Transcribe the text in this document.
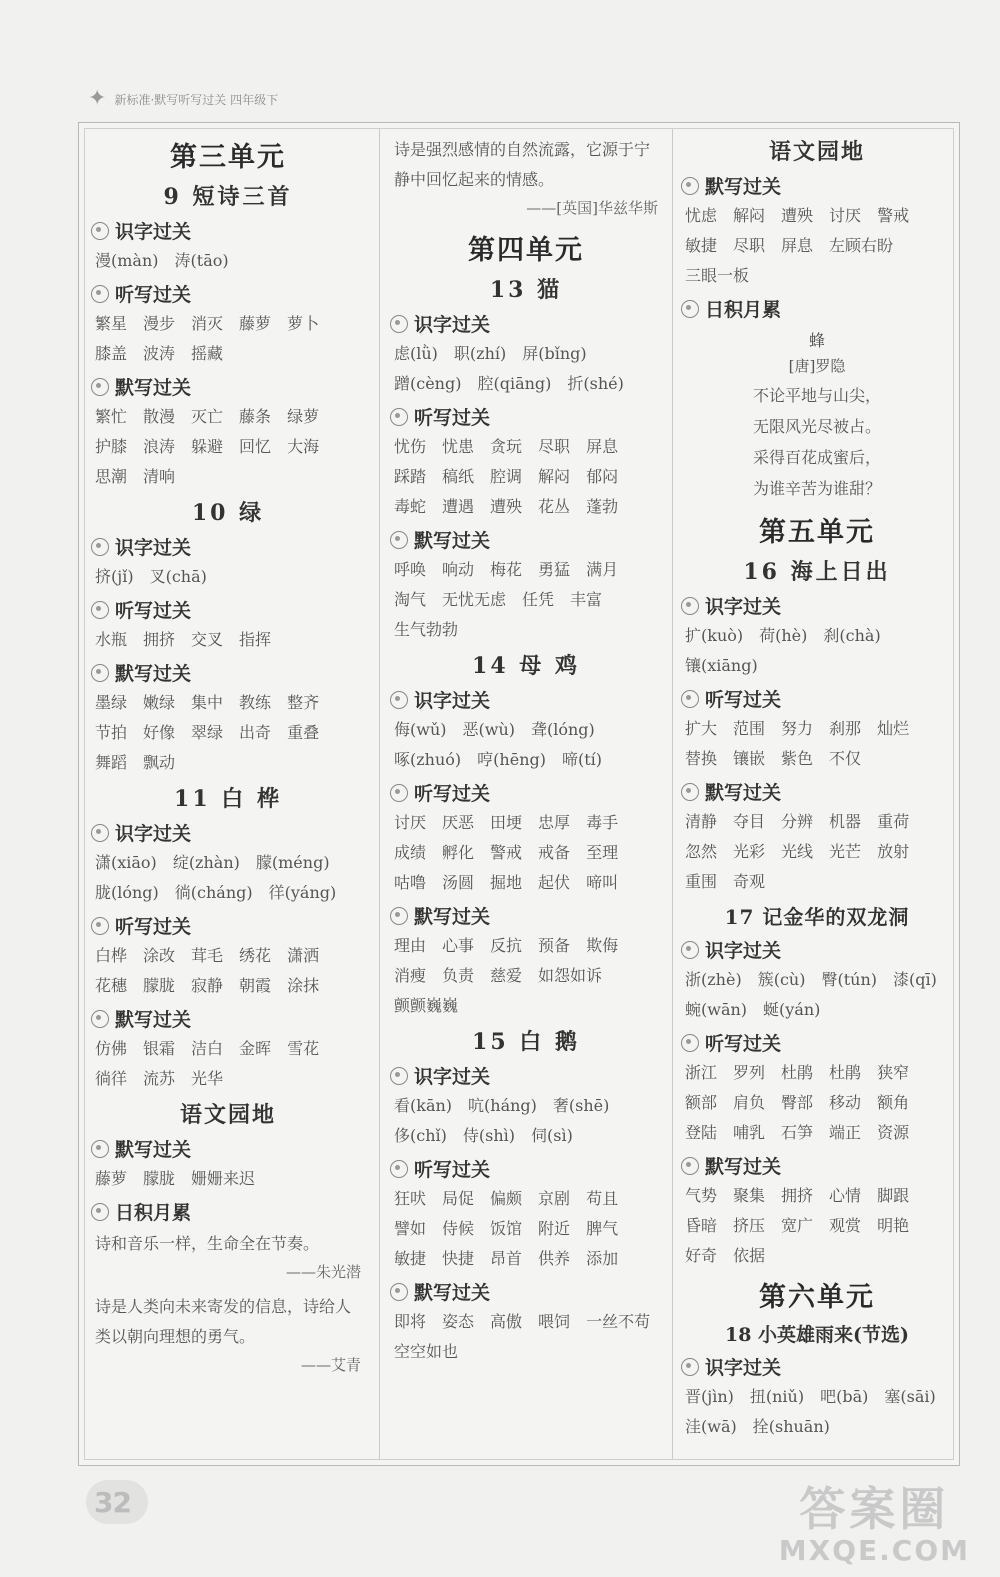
✦ 新标准·默写听写过关 四年级下
第三单元
9 短诗三首
识字过关
漫(màn) 涛(tāo)
听写过关
繁星 漫步 消灭 藤萝 萝卜
膝盖 波涛 摇藏
默写过关
繁忙 散漫 灭亡 藤条 绿萝
护膝 浪涛 躲避 回忆 大海
思潮 清响
10 绿
识字过关
挤(jǐ) 叉(chā)
听写过关
水瓶 拥挤 交叉 指挥
默写过关
墨绿 嫩绿 集中 教练 整齐
节拍 好像 翠绿 出奇 重叠
舞蹈 飘动
11 白 桦
识字过关
潇(xiāo) 绽(zhàn) 朦(méng)
胧(lóng) 徜(cháng) 徉(yáng)
听写过关
白桦 涂改 茸毛 绣花 潇洒
花穗 朦胧 寂静 朝霞 涂抹
默写过关
仿佛 银霜 洁白 金晖 雪花
徜徉 流苏 光华
语文园地
默写过关
藤萝 朦胧 姗姗来迟
日积月累
诗和音乐一样，生命全在节奏。
——朱光潜
诗是人类向未来寄发的信息，诗给人类以朝向理想的勇气。
——艾青
诗是强烈感情的自然流露，它源于宁静中回忆起来的情感。
——[英国]华兹华斯
第四单元
13 猫
识字过关
虑(lǜ) 职(zhí) 屏(bǐng)
蹭(cèng) 腔(qiāng) 折(shé)
听写过关
忧伤 忧患 贪玩 尽职 屏息
踩踏 稿纸 腔调 解闷 郁闷
毒蛇 遭遇 遭殃 花丛 蓬勃
默写过关
呼唤 响动 梅花 勇猛 满月
淘气 无忧无虑 任凭 丰富
生气勃勃
14 母 鸡
识字过关
侮(wǔ) 恶(wù) 聋(lóng)
啄(zhuó) 哼(hēng) 啼(tí)
听写过关
讨厌 厌恶 田埂 忠厚 毒手
成绩 孵化 警戒 戒备 至理
咕噜 汤圆 掘地 起伏 啼叫
默写过关
理由 心事 反抗 预备 欺侮
消瘦 负责 慈爱 如怨如诉
颤颤巍巍
15 白 鹅
识字过关
看(kān) 吭(háng) 奢(shē)
侈(chǐ) 侍(shì) 伺(sì)
听写过关
狂吠 局促 偏颇 京剧 苟且
譬如 侍候 饭馆 附近 脾气
敏捷 快捷 昂首 供养 添加
默写过关
即将 姿态 高傲 喂饲 一丝不苟
空空如也
语文园地
默写过关
忧虑 解闷 遭殃 讨厌 警戒
敏捷 尽职 屏息 左顾右盼
三眼一板
日积月累
蜂
[唐]罗隐
不论平地与山尖，
无限风光尽被占。
采得百花成蜜后，
为谁辛苦为谁甜？
第五单元
16 海上日出
识字过关
扩(kuò) 荷(hè) 刹(chà)
镶(xiāng)
听写过关
扩大 范围 努力 刹那 灿烂
替换 镶嵌 紫色 不仅
默写过关
清静 夺目 分辨 机器 重荷
忽然 光彩 光线 光芒 放射
重围 奇观
17 记金华的双龙洞
识字过关
浙(zhè) 簇(cù) 臀(tún) 漆(qī)
蜿(wān) 蜒(yán)
听写过关
浙江 罗列 杜鹃 杜鹃 狭窄
额部 肩负 臀部 移动 额角
登陆 哺乳 石笋 端正 资源
默写过关
气势 聚集 拥挤 心情 脚跟
昏暗 挤压 宽广 观赏 明艳
好奇 依据
第六单元
18 小英雄雨来(节选)
识字过关
晋(jìn) 扭(niǔ) 吧(bā) 塞(sāi)
洼(wā) 拴(shuān)
32	答案圈
MXQE.COM
